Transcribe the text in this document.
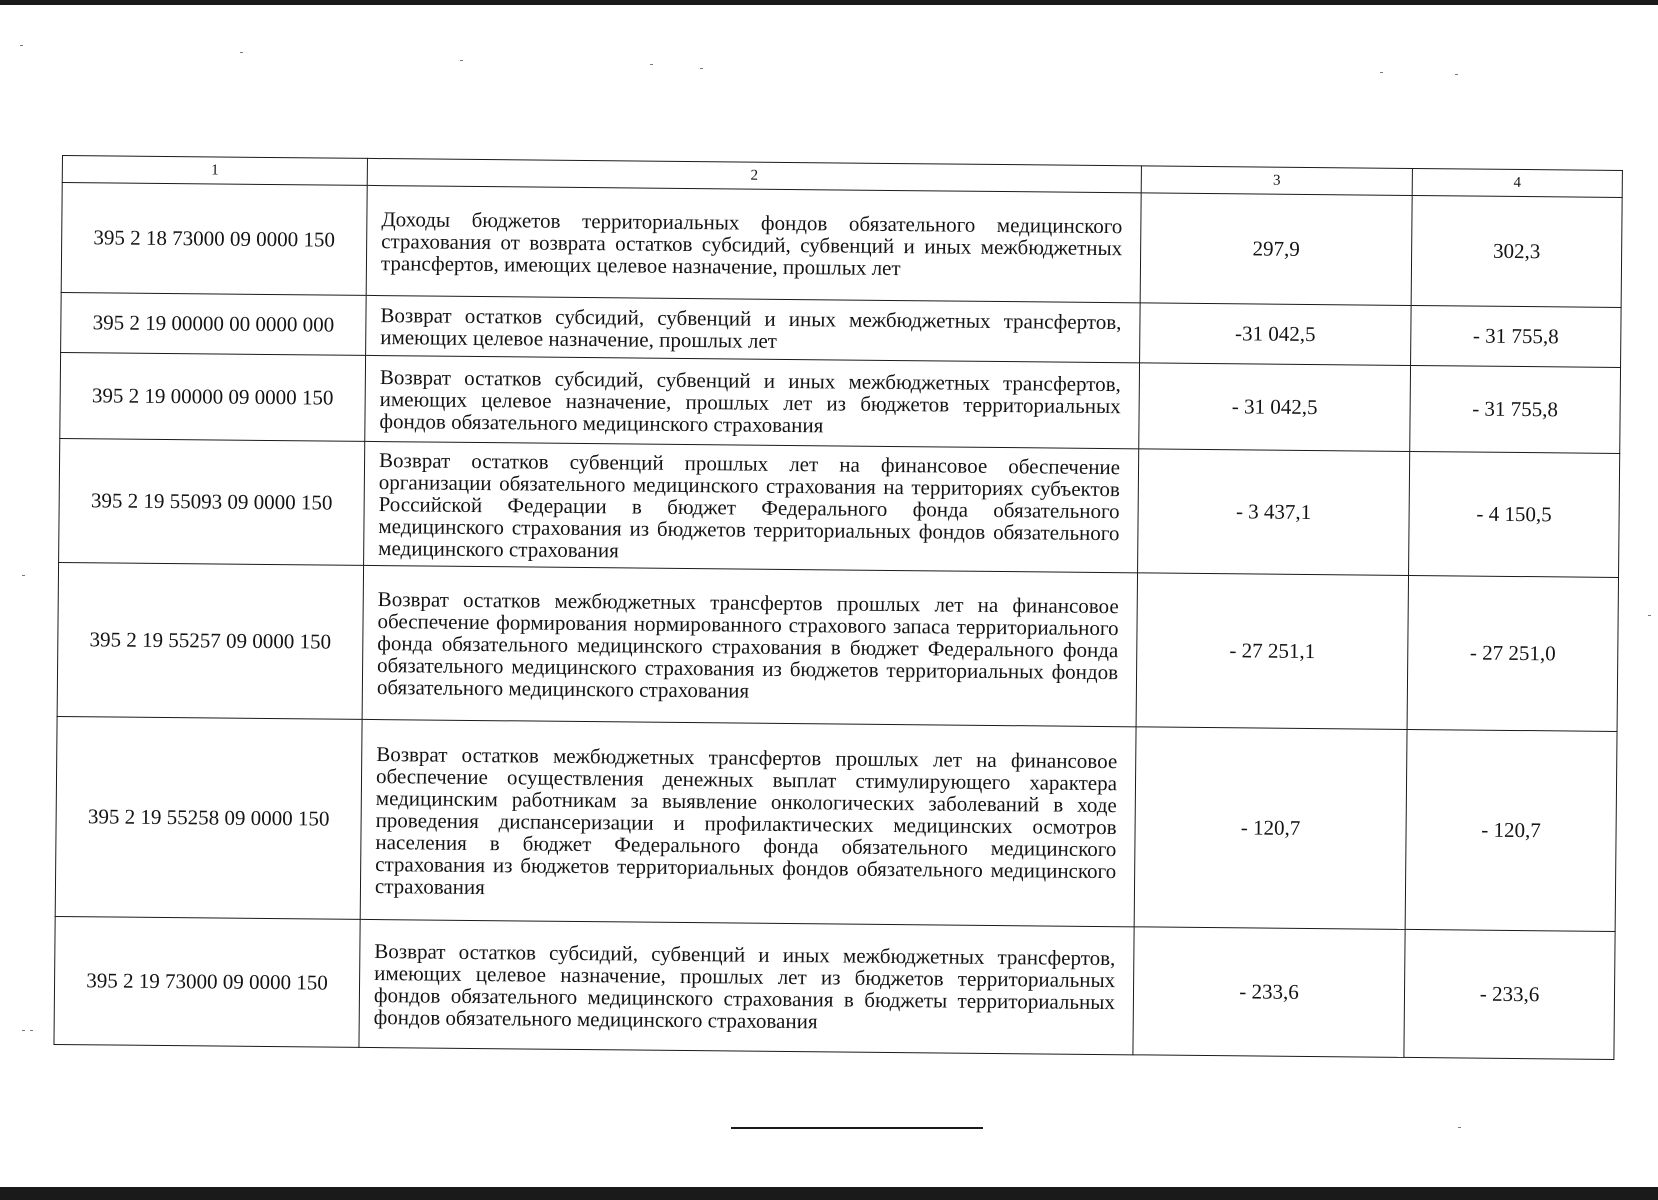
1	2	3	4
395 2 18 73000 09 0000 150	Доходы бюджетов территориальных фондов обязательного медицинского страхования от возврата остатков субсидий, субвенций и иных межбюджетных трансфертов, имеющих целевое назначение, прошлых лет	297,9	302,3
395 2 19 00000 00 0000 000	Возврат остатков субсидий, субвенций и иных межбюджетных трансфертов, имеющих целевое назначение, прошлых лет	-31 042,5	- 31 755,8
395 2 19 00000 09 0000 150	Возврат остатков субсидий, субвенций и иных межбюджетных трансфертов, имеющих целевое назначение, прошлых лет из бюджетов территориальных фондов обязательного медицинского страхования	- 31 042,5	- 31 755,8
395 2 19 55093 09 0000 150	Возврат остатков субвенций прошлых лет на финансовое обеспечение организации обязательного медицинского страхования на территориях субъектов Российской Федерации в бюджет Федерального фонда обязательного медицинского страхования из бюджетов территориальных фондов обязательного медицинского страхования	- 3 437,1	- 4 150,5
395 2 19 55257 09 0000 150	Возврат остатков межбюджетных трансфертов прошлых лет на финансовое обеспечение формирования нормированного страхового запаса территориального фонда обязательного медицинского страхования в бюджет Федерального фонда обязательного медицинского страхования из бюджетов территориальных фондов обязательного медицинского страхования	- 27 251,1	- 27 251,0
395 2 19 55258 09 0000 150	Возврат остатков межбюджетных трансфертов прошлых лет на финансовое обеспечение осуществления денежных выплат стимулирующего характера медицинским работникам за выявление онкологических заболеваний в ходе проведения диспансеризации и профилактических медицинских осмотров населения в бюджет Федерального фонда обязательного медицинского страхования из бюджетов территориальных фондов обязательного медицинского страхования	- 120,7	- 120,7
395 2 19 73000 09 0000 150	Возврат остатков субсидий, субвенций и иных межбюджетных трансфертов, имеющих целевое назначение, прошлых лет из бюджетов территориальных фондов обязательного медицинского страхования в бюджеты территориальных фондов обязательного медицинского страхования	- 233,6	- 233,6
